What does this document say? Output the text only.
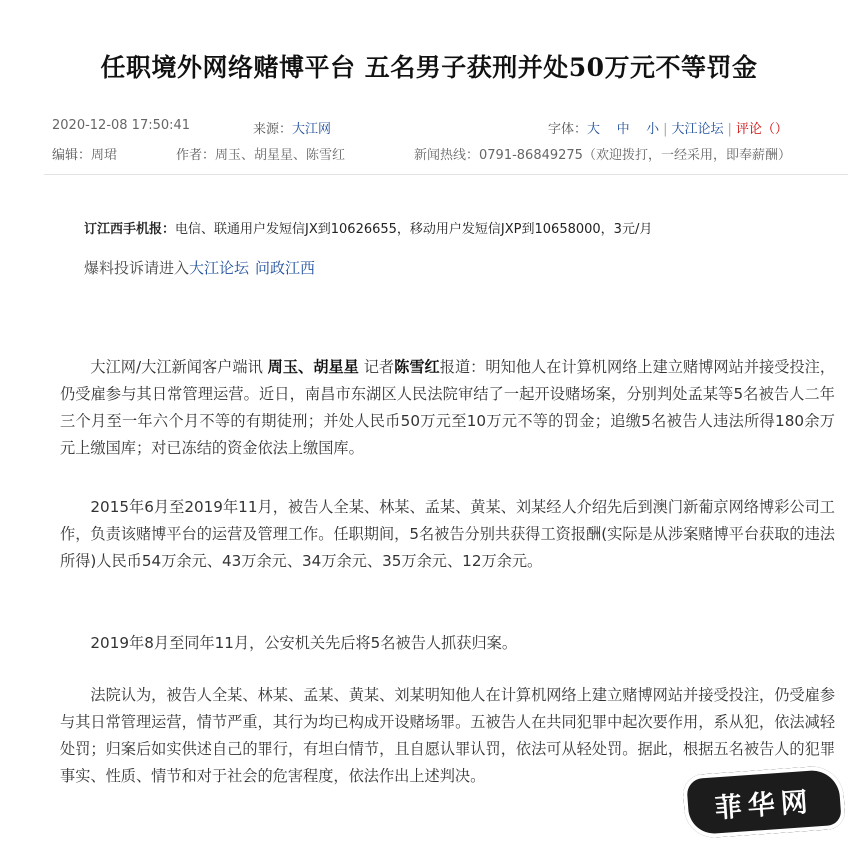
任职境外网络赌博平台 五名男子获刑并处50万元不等罚金
2020-12-08 17:50:41	来源：大江网	字体：大 中 小 | 大江论坛 | 评论（）
编辑：周珺	作者：周玉、胡星星、陈雪红	新闻热线：0791-86849275（欢迎拨打，一经采用，即奉薪酬）
订江西手机报：电信、联通用户发短信JX到10626655，移动用户发短信JXP到10658000，3元/月
爆料投诉请进入大江论坛 问政江西

大江网/大江新闻客户端讯 周玉、胡星星 记者陈雪红报道：明知他人在计算机网络上建立赌博网站并接受投注，仍受雇参与其日常管理运营。近日，南昌市东湖区人民法院审结了一起开设赌场案，分别判处孟某等5名被告人二年三个月至一年六个月不等的有期徒刑；并处人民币50万元至10万元不等的罚金；追缴5名被告人违法所得180余万元上缴国库；对已冻结的资金依法上缴国库。

2015年6月至2019年11月，被告人全某、林某、孟某、黄某、刘某经人介绍先后到澳门新葡京网络博彩公司工作，负责该赌博平台的运营及管理工作。任职期间，5名被告分别共获得工资报酬(实际是从涉案赌博平台获取的违法所得)人民币54万余元、43万余元、34万余元、35万余元、12万余元。

2019年8月至同年11月，公安机关先后将5名被告人抓获归案。

法院认为，被告人全某、林某、孟某、黄某、刘某明知他人在计算机网络上建立赌博网站并接受投注，仍受雇参与其日常管理运营，情节严重，其行为均已构成开设赌场罪。五被告人在共同犯罪中起次要作用，系从犯，依法减轻处罚；归案后如实供述自己的罪行，有坦白情节，且自愿认罪认罚，依法可从轻处罚。据此，根据五名被告人的犯罪事实、性质、情节和对于社会的危害程度，依法作出上述判决。

菲华网
